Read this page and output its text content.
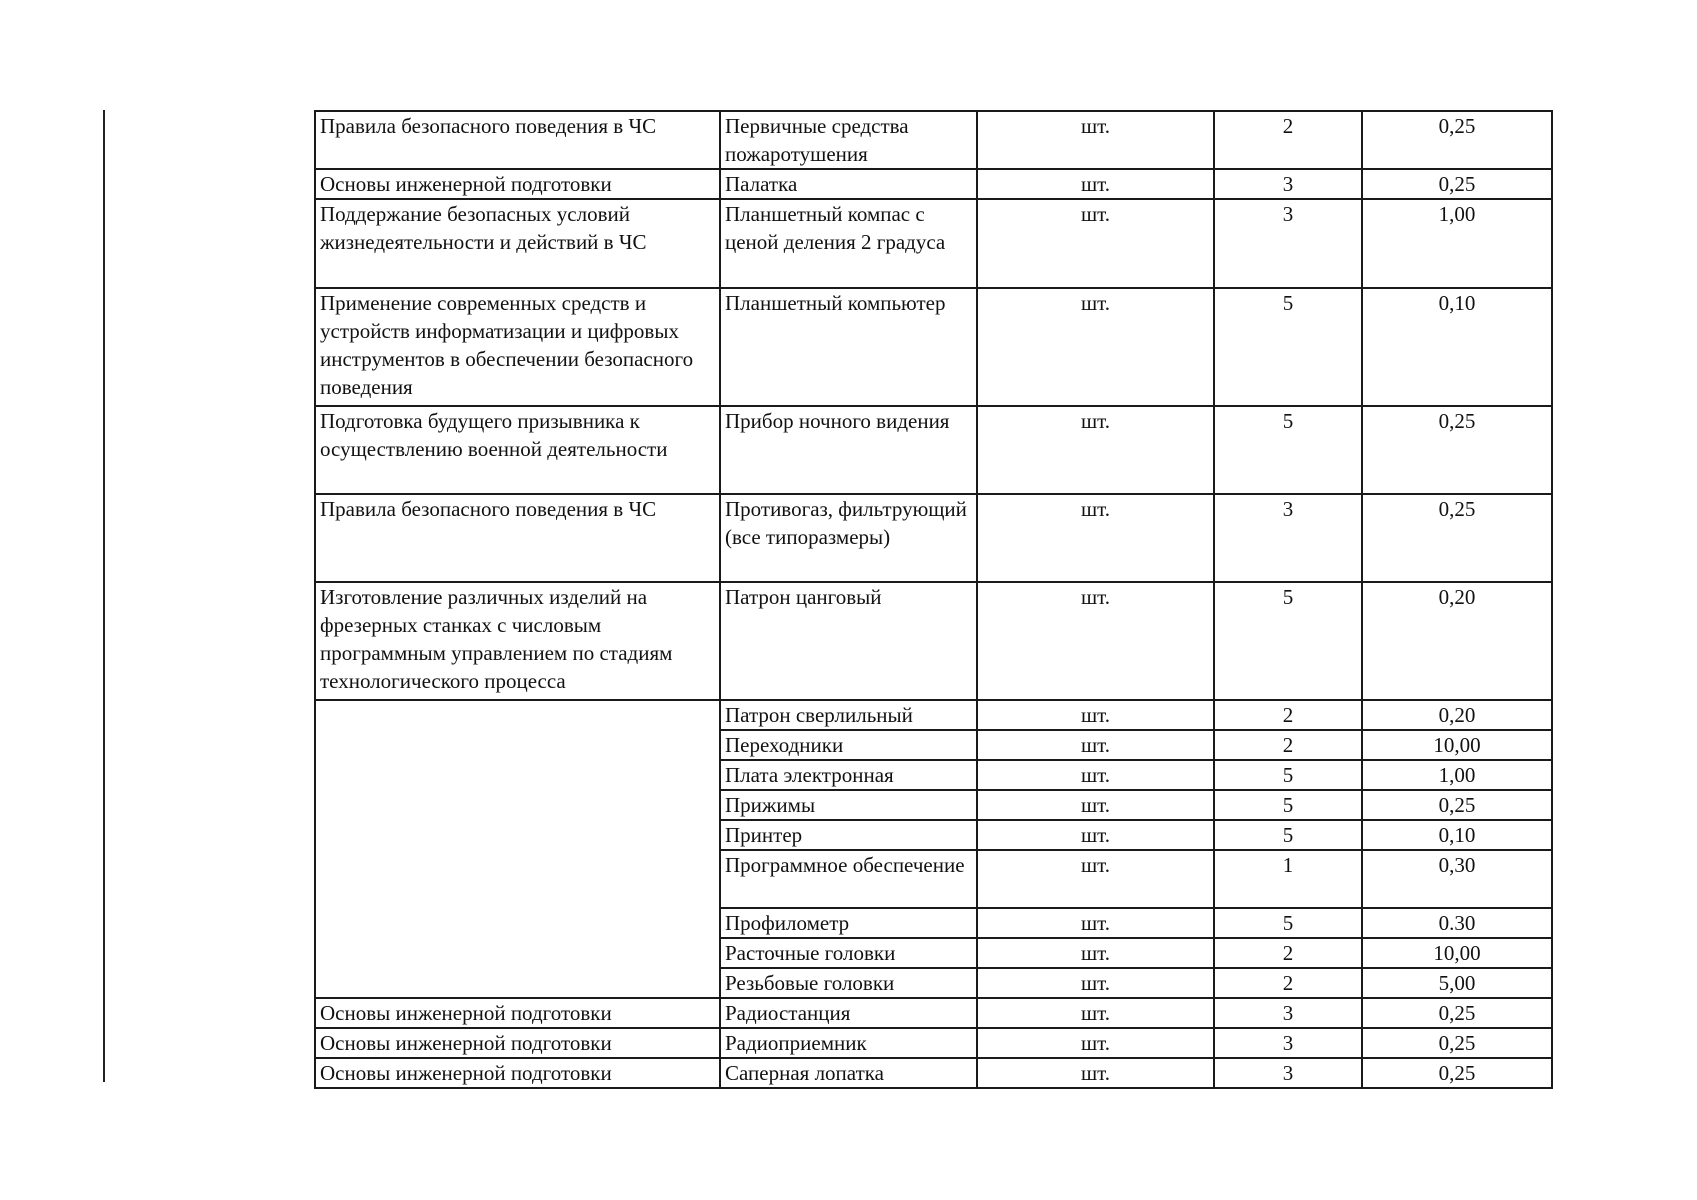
Правила безопасного поведения в ЧС	Первичные средства пожаротушения	шт.	2	0,25
Основы инженерной подготовки	Палатка	шт.	3	0,25
Поддержание безопасных условий жизнедеятельности и действий в ЧС	Планшетный компас с ценой деления 2 градуса	шт.	3	1,00
Применение современных средств и устройств информатизации и цифровых инструментов в обеспечении безопасного поведения	Планшетный компьютер	шт.	5	0,10
Подготовка будущего призывника к осуществлению военной деятельности	Прибор ночного видения	шт.	5	0,25
Правила безопасного поведения в ЧС	Противогаз, фильтрующий (все типоразмеры)	шт.	3	0,25
Изготовление различных изделий на фрезерных станках с числовым программным управлением по стадиям технологического процесса	Патрон цанговый	шт.	5	0,20
	Патрон сверлильный	шт.	2	0,20
	Переходники	шт.	2	10,00
	Плата электронная	шт.	5	1,00
	Прижимы	шт.	5	0,25
	Принтер	шт.	5	0,10
	Программное обеспечение	шт.	1	0,30
	Профилометр	шт.	5	0.30
	Расточные головки	шт.	2	10,00
	Резьбовые головки	шт.	2	5,00
Основы инженерной подготовки	Радиостанция	шт.	3	0,25
Основы инженерной подготовки	Радиоприемник	шт.	3	0,25
Основы инженерной подготовки	Саперная лопатка	шт.	3	0,25
